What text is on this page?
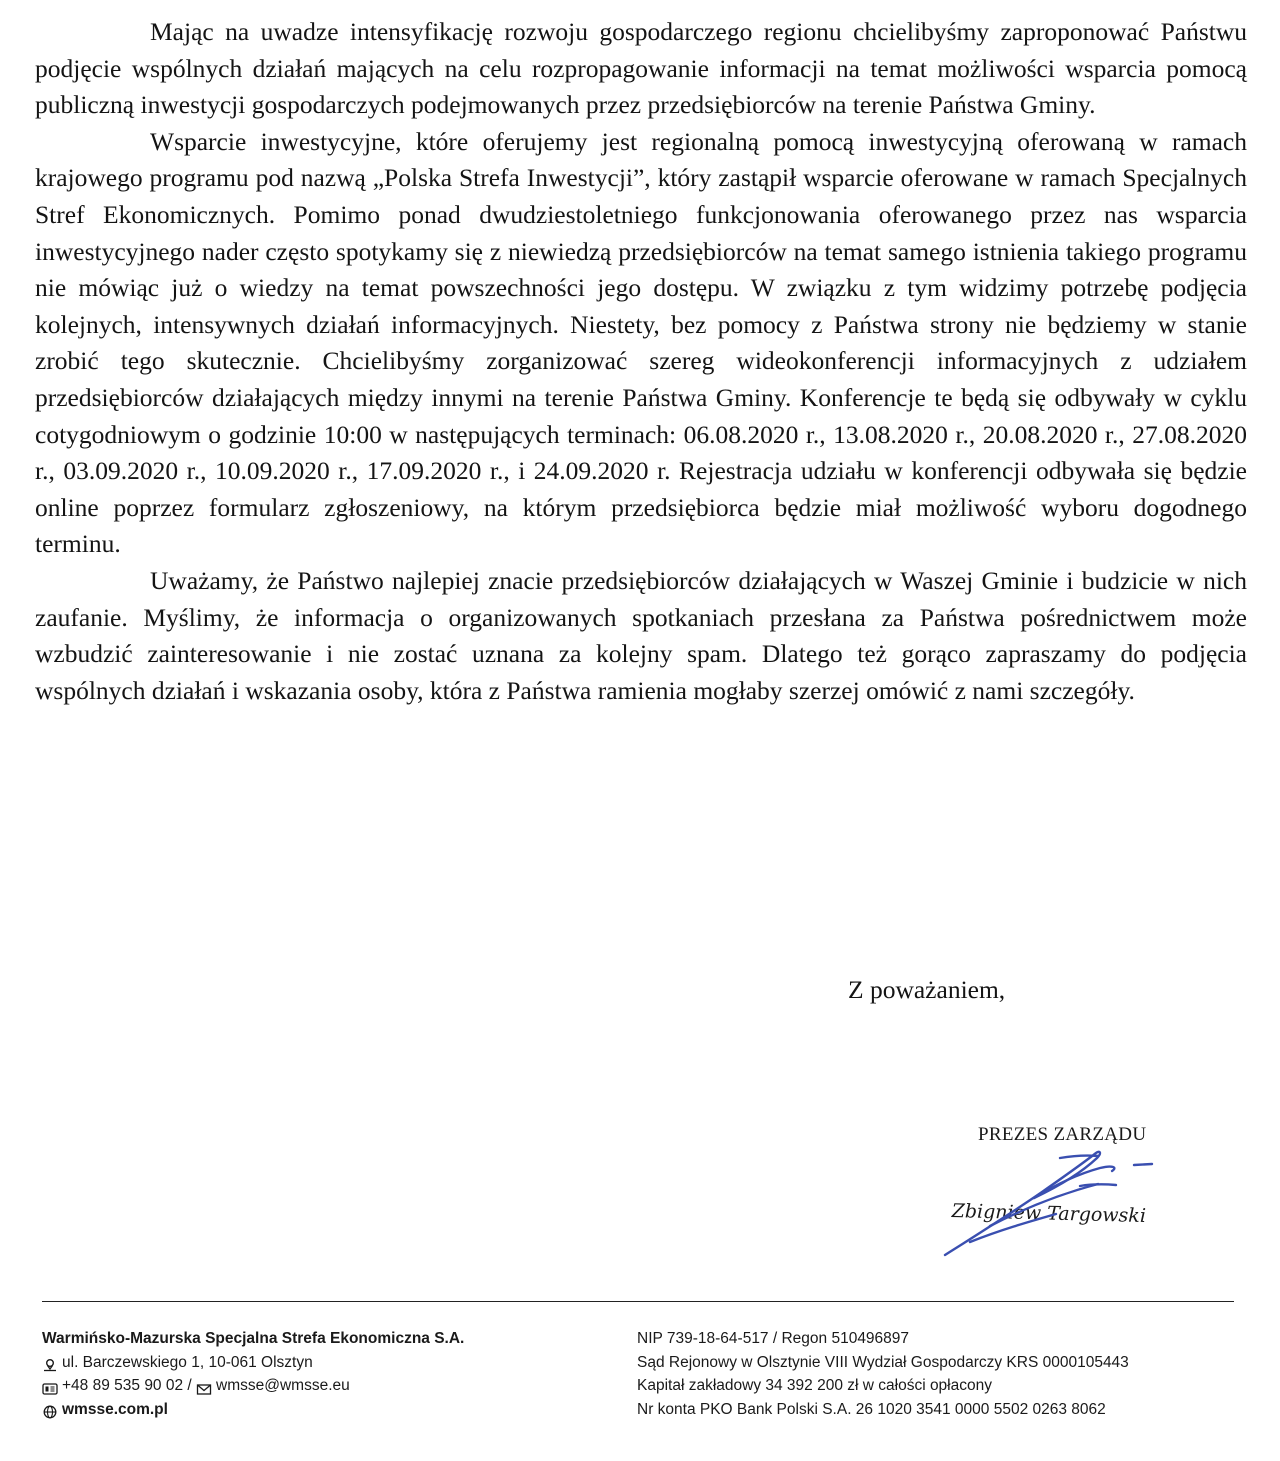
Mając na uwadze intensyfikację rozwoju gospodarczego regionu chcielibyśmy zaproponować Państwu podjęcie wspólnych działań mających na celu rozpropagowanie informacji na temat możliwości wsparcia pomocą publiczną inwestycji gospodarczych podejmowanych przez przedsiębiorców na terenie Państwa Gminy.

Wsparcie inwestycyjne, które oferujemy jest regionalną pomocą inwestycyjną oferowaną w ramach krajowego programu pod nazwą „Polska Strefa Inwestycji”, który zastąpił wsparcie oferowane w ramach Specjalnych Stref Ekonomicznych. Pomimo ponad dwudziestoletniego funkcjonowania oferowanego przez nas wsparcia inwestycyjnego nader często spotykamy się z niewiedzą przedsiębiorców na temat samego istnienia takiego programu nie mówiąc już o wiedzy na temat powszechności jego dostępu. W związku z tym widzimy potrzebę podjęcia kolejnych, intensywnych działań informacyjnych. Niestety, bez pomocy z Państwa strony nie będziemy w stanie zrobić tego skutecznie. Chcielibyśmy zorganizować szereg wideokonferencji informacyjnych z udziałem przedsiębiorców działających między innymi na terenie Państwa Gminy. Konferencje te będą się odbywały w cyklu cotygodniowym o godzinie 10:00 w następujących terminach: 06.08.2020 r., 13.08.2020 r., 20.08.2020 r., 27.08.2020 r., 03.09.2020 r., 10.09.2020 r., 17.09.2020 r., i 24.09.2020 r. Rejestracja udziału w konferencji odbywała się będzie online poprzez formularz zgłoszeniowy, na którym przedsiębiorca będzie miał możliwość wyboru dogodnego terminu.

Uważamy, że Państwo najlepiej znacie przedsiębiorców działających w Waszej Gminie i budzicie w nich zaufanie. Myślimy, że informacja o organizowanych spotkaniach przesłana za Państwa pośrednictwem może wzbudzić zainteresowanie i nie zostać uznana za kolejny spam. Dlatego też gorąco zapraszamy do podjęcia wspólnych działań i wskazania osoby, która z Państwa ramienia mogłaby szerzej omówić z nami szczegóły.

Z poważaniem,
PREZES ZARZĄDU
Zbigniew Targowski
Warmińsko-Mazurska Specjalna Strefa Ekonomiczna S.A.
ul. Barczewskiego 1, 10-061 Olsztyn
+48 89 535 90 02 / wmsse@wmsse.eu
wmsse.com.pl
NIP 739-18-64-517 / Regon 510496897
Sąd Rejonowy w Olsztynie VIII Wydział Gospodarczy KRS 0000105443
Kapitał zakładowy 34 392 200 zł w całości opłacony
Nr konta PKO Bank Polski S.A. 26 1020 3541 0000 5502 0263 8062
